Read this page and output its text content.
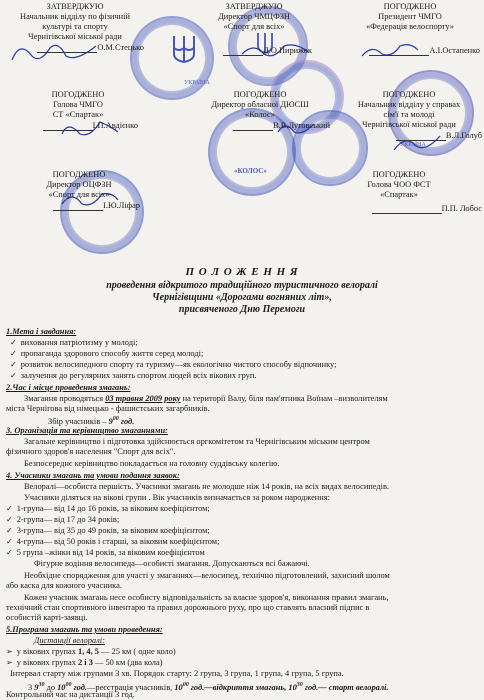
УКРАЇНА
УКРАЇНА
«КОЛОС»
ЗАТВЕРДЖУЮ
Начальник відділу по фізичній
культурі та спорту
Чернігівської міської ради
О.М.Стецько
ЗАТВЕРДЖУЮ
Директор ЧМЦФЗН
«Спорт для всіх»
Д.О.Пирижок
ПОГОДЖЕНО
Президент ЧМГО
«Федерація велоспорту»
А.І.Остапенко
ПОГОДЖЕНО
Голова ЧМГО
СТ «Спартак»
І.П.Авдієнко
ПОГОДЖЕНО
Директор обласної ДЮСШ
«Колос»
В.В.Луговський
ПОГОДЖЕНО
Начальник відділу у справах
сім'ї та молоді
Чернігівської міської ради
В.Л.Голуб
ПОГОДЖЕНО
Директор ОЦФЗН
«Спорт для всіх»
І.Ю.Ліфар
ПОГОДЖЕНО
Голова ЧОО ФСТ
«Спартак»
П.П. Лобос
П О Л О Ж Е Н Н Я
проведення відкритого традиційного туристичного велоралі
Чернігівщини «Дорогами вогняних літ»,
присвяченого Дню Перемоги
1.Мета і завдання:
✓ виховання патріотизму у молоді;
✓ пропаганда здорового способу життя серед молоді;
✓ розвиток велосипедного спорту та туризму—як екологічно чистого способу відпочинку;
✓ залучення до регулярних занять спортом людей всіх вікових груп.
2.Час і місце проведення змагань:
Змагання проводяться 03 травня 2009 року на території Валу, біля пам'ятника Воїнам –визволителям
міста Чернігова від німецько - фашистських загарбників.
Збір учасників – $9^{00}$ год.
3. Організація та керівництво змаганнями:
Загальне керівництво і підготовка здійснюється оргкомітетом та Чернігівським міським центром
фізичного здоров'я населення "Спорт для всіх".
Безпосереднє керівництво покладається на головну суддівську колегію.
4. Учасники змагань та умови подання заявок:
Велоралі—особиста першість. Учасники змагань не молодше ніж 14 років, на всіх видах велосипедів.
Учасники діляться на вікові групи . Вік учасників визначається за роком народження:
✓ 1-група— від 14 до 16 років, за віковим коефіцієнтом;
✓ 2-група— від 17 до 34 років;
✓ 3-група— від 35 до 49 років, за віковим коефіцієнтом;
✓ 4-група— від 50 років і старші, за віковим коефіцієнтом;
✓ 5 група –жінки від 14 років, за віковим коефіцієнтом
Фігурне водіння велосипеда—особисті змагання. Допускаються всі бажаючі.
Необхідне спорядження для участі у змаганнях—велосипед, технічно підготовлений, захисний шолом
або каска для кожного учасника.
Кожен учасник змагань несе особисту відповідальність за власне здоров'я, виконання правил змагань,
технічний стан спортивного інвентарю та правил дорожнього руху, про що ставлять власний підпис в
особистій карті-заявці.
5.Програма змагань та умови проведення:
Дистанції велоралі:
➢ у вікових групах 1, 4, 5 — 25 км ( одне коло)
➢ у вікових групах 2 і 3 — 50 км (два кола)
Інтервал старту між групами 3 хв. Порядок старту: 2 група, 3 група, 1 група, 4 група, 5 група.
3 $9^{30}$ до $10^{00}$ год.—реєстрація учасників, $10^{00}$ год.—відкриття змагань, $10^{30}$ год.— старт велоралі.
Контрольний час на дистанції 3 год.
